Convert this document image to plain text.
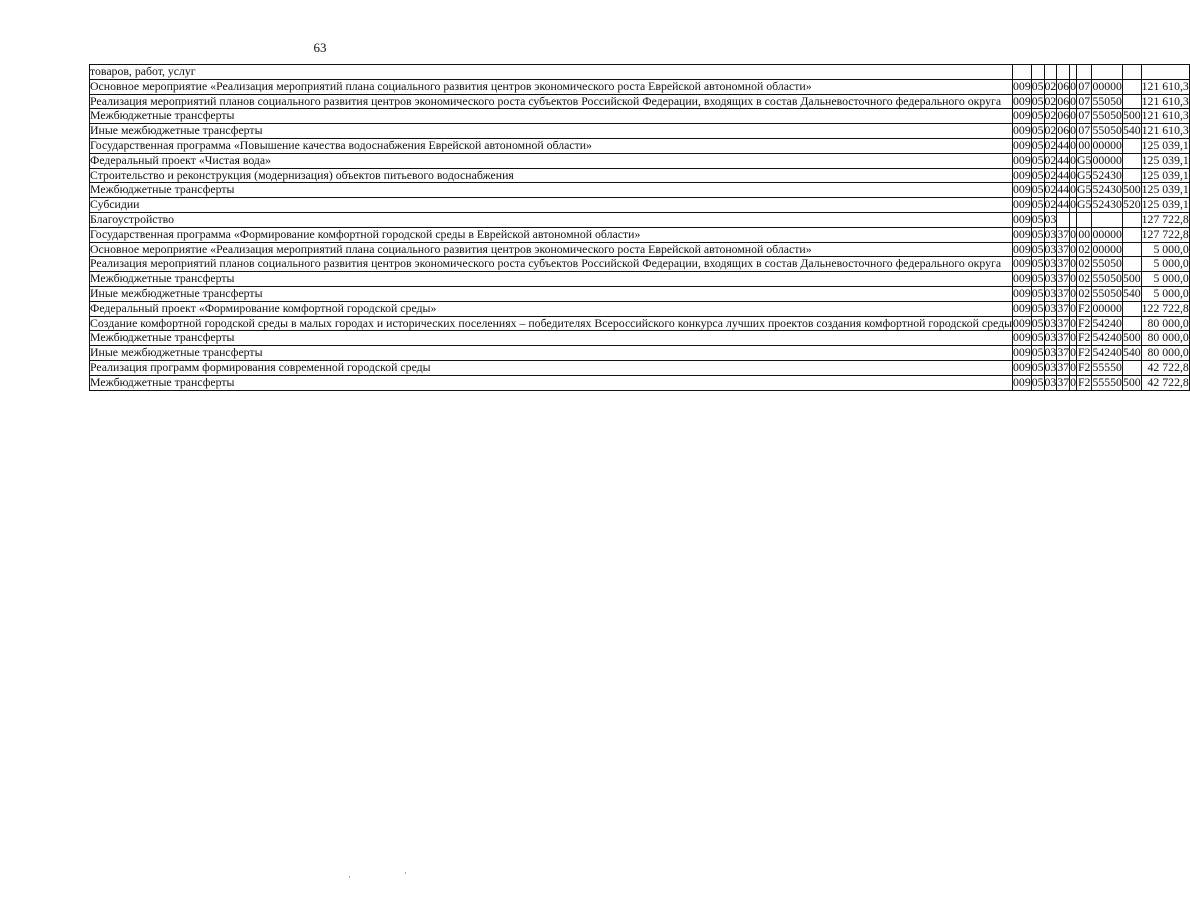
63
товаров, работ, услуг									
Основное мероприятие «Реализация мероприятий плана социального развития центров экономического роста Еврейской автономной области»	009	05	02	06	0	07	00000		121 610,3
Реализация мероприятий планов социального развития центров экономического роста субъектов Российской Федерации, входящих в состав Дальневосточного федерального округа	009	05	02	06	0	07	55050		121 610,3
Межбюджетные трансферты	009	05	02	06	0	07	55050	500	121 610,3
Иные межбюджетные трансферты	009	05	02	06	0	07	55050	540	121 610,3
Государственная программа «Повышение качества водоснабжения Еврейской автономной области»	009	05	02	44	0	00	00000		125 039,1
Федеральный проект «Чистая вода»	009	05	02	44	0	G5	00000		125 039,1
Строительство и реконструкция (модернизация) объектов питьевого водоснабжения	009	05	02	44	0	G5	52430		125 039,1
Межбюджетные трансферты	009	05	02	44	0	G5	52430	500	125 039,1
Субсидии	009	05	02	44	0	G5	52430	520	125 039,1
Благоустройство	009	05	03						127 722,8
Государственная программа «Формирование комфортной городской среды в Еврейской автономной области»	009	05	03	37	0	00	00000		127 722,8
Основное мероприятие «Реализация мероприятий плана социального развития центров экономического роста Еврейской автономной области»	009	05	03	37	0	02	00000		5 000,0
Реализация мероприятий планов социального развития центров экономического роста субъектов Российской Федерации, входящих в состав Дальневосточного федерального округа	009	05	03	37	0	02	55050		5 000,0
Межбюджетные трансферты	009	05	03	37	0	02	55050	500	5 000,0
Иные межбюджетные трансферты	009	05	03	37	0	02	55050	540	5 000,0
Федеральный проект «Формирование комфортной городской среды»	009	05	03	37	0	F2	00000		122 722,8
Создание комфортной городской среды в малых городах и исторических поселениях – победителях Всероссийского конкурса лучших проектов создания комфортной городской среды	009	05	03	37	0	F2	54240		80 000,0
Межбюджетные трансферты	009	05	03	37	0	F2	54240	500	80 000,0
Иные межбюджетные трансферты	009	05	03	37	0	F2	54240	540	80 000,0
Реализация программ формирования современной городской среды	009	05	03	37	0	F2	55550		42 722,8
Межбюджетные трансферты	009	05	03	37	0	F2	55550	500	42 722,8
·	·
